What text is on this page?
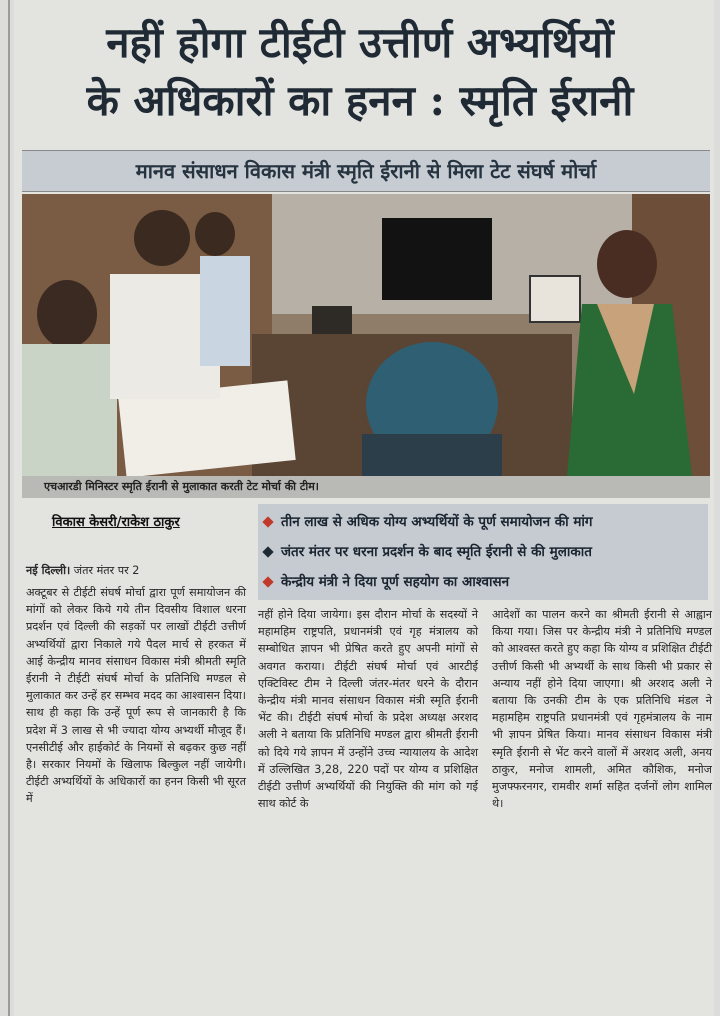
नहीं होगा टीईटी उत्तीर्ण अभ्यर्थियों
के अधिकारों का हनन : स्मृति ईरानी
मानव संसाधन विकास मंत्री स्मृति ईरानी से मिला टेट संघर्ष मोर्चा
एचआरडी मिनिस्टर स्मृति ईरानी से मुलाकात करती टेट मोर्चा की टीम।
विकास केसरी/राकेश ठाकुर	तीन लाख से अधिक योग्य अभ्यर्थियों के पूर्ण समायोजन की मांग
जंतर मंतर पर धरना प्रदर्शन के बाद स्मृति ईरानी से की मुलाकात
केन्द्रीय मंत्री ने दिया पूर्ण सहयोग का आश्वासन
नई दिल्ली। जंतर मंतर पर 2

अक्टूबर से टीईटी संघर्ष मोर्चा द्वारा पूर्ण समायोजन की मांगों को लेकर किये गये तीन दिवसीय विशाल धरना प्रदर्शन एवं दिल्ली की सड़कों पर लाखों टीईटी उत्तीर्ण अभ्यर्थियों द्वारा निकाले गये पैदल मार्च से हरकत में आई केन्द्रीय मानव संसाधन विकास मंत्री श्रीमती स्मृति ईरानी ने टीईटी संघर्ष मोर्चा के प्रतिनिधि मण्डल से मुलाकात कर उन्हें हर सम्भव मदद का आश्वासन दिया। साथ ही कहा कि उन्हें पूर्ण रूप से जानकारी है कि प्रदेश में 3 लाख से भी ज्यादा योग्य अभ्यर्थी मौजूद हैं। एनसीटीई और हाईकोर्ट के नियमों से बढ़कर कुछ नहीं है। सरकार नियमों के खिलाफ बिल्कुल नहीं जायेगी। टीईटी अभ्यर्थियों के अधिकारों का हनन किसी भी सूरत में

नहीं होने दिया जायेगा। इस दौरान मोर्चा के सदस्यों ने महामहिम राष्ट्रपति, प्रधानमंत्री एवं गृह मंत्रालय को सम्बोधित ज्ञापन भी प्रेषित करते हुए अपनी मांगों से अवगत कराया। टीईटी संघर्ष मोर्चा एवं आरटीई एक्टिविस्ट टीम ने दिल्ली जंतर-मंतर धरने के दौरान केन्द्रीय मंत्री मानव संसाधन विकास मंत्री स्मृति ईरानी भेंट की। टीईटी संघर्ष मोर्चा के प्रदेश अध्यक्ष अरशद अली ने बताया कि प्रतिनिधि मण्डल द्वारा श्रीमती ईरानी को दिये गये ज्ञापन में उन्होंने उच्च न्यायालय के आदेश में उल्लिखित 3,28, 220 पदों पर योग्य व प्रशिक्षित टीईटी उत्तीर्ण अभ्यर्थियों की नियुक्ति की मांग को गई साथ कोर्ट के

आदेशों का पालन करने का श्रीमती ईरानी से आह्वान किया गया। जिस पर केन्द्रीय मंत्री ने प्रतिनिधि मण्डल को आश्वस्त करते हुए कहा कि योग्य व प्रशिक्षित टीईटी उत्तीर्ण किसी भी अभ्यर्थी के साथ किसी भी प्रकार से अन्याय नहीं होने दिया जाएगा। श्री अरशद अली ने बताया कि उनकी टीम के एक प्रतिनिधि मंडल ने महामहिम राष्ट्रपति प्रधानमंत्री एवं गृहमंत्रालय के नाम भी ज्ञापन प्रेषित किया। मानव संसाधन विकास मंत्री स्मृति ईरानी से भेंट करने वालों में अरशद अली, अनय ठाकुर, मनोज शामली, अमित कौशिक, मनोज मुजफ्फरनगर, रामवीर शर्मा सहित दर्जनों लोग शामिल थे।
